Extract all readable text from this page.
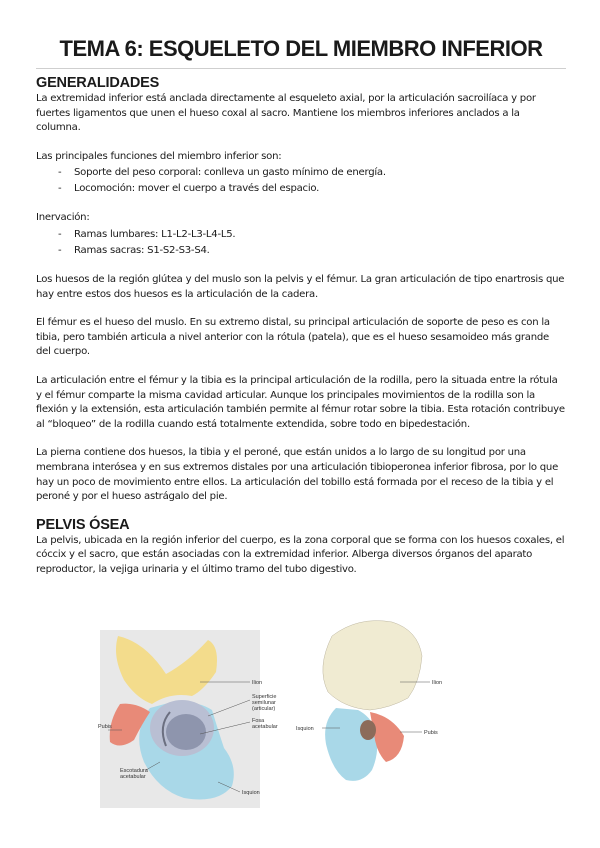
TEMA 6: ESQUELETO DEL MIEMBRO INFERIOR
GENERALIDADES

La extremidad inferior está anclada directamente al esqueleto axial, por la articulación sacroilíaca y por fuertes ligamentos que unen el hueso coxal al sacro. Mantiene los miembros inferiores anclados a la columna.

Las principales funciones del miembro inferior son:

- Soporte del peso corporal: conlleva un gasto mínimo de energía.
- Locomoción: mover el cuerpo a través del espacio.

Inervación:

- Ramas lumbares: L1-L2-L3-L4-L5.
- Ramas sacras: S1-S2-S3-S4.

Los huesos de la región glútea y del muslo son la pelvis y el fémur. La gran articulación de tipo enartrosis que hay entre estos dos huesos es la articulación de la cadera.

El fémur es el hueso del muslo. En su extremo distal, su principal articulación de soporte de peso es con la tibia, pero también articula a nivel anterior con la rótula (patela), que es el hueso sesamoideo más grande del cuerpo.

La articulación entre el fémur y la tibia es la principal articulación de la rodilla, pero la situada entre la rótula y el fémur comparte la misma cavidad articular. Aunque los principales movimientos de la rodilla son la flexión y la extensión, esta articulación también permite al fémur rotar sobre la tibia. Esta rotación contribuye al “bloqueo” de la rodilla cuando está totalmente extendida, sobre todo en bipedestación.

La pierna contiene dos huesos, la tibia y el peroné, que están unidos a lo largo de su longitud por una membrana interósea y en sus extremos distales por una articulación tibioperonea inferior fibrosa, por lo que hay un poco de movimiento entre ellos. La articulación del tobillo está formada por el receso de la tibia y el peroné y por el hueso astrágalo del pie.

PELVIS ÓSEA

La pelvis, ubicada en la región inferior del cuerpo, es la zona corporal que se forma con los huesos coxales, el cóccix y el sacro, que están asociadas con la extremidad inferior. Alberga diversos órganos del aparato reproductor, la vejiga urinaria y el último tramo del tubo digestivo.

Ilion
Superficie
semilunar
(articular)
Fosa
acetabular
Pubis
Escotadura
acetabular
Isquion
Ilion
Isquion
Pubis
